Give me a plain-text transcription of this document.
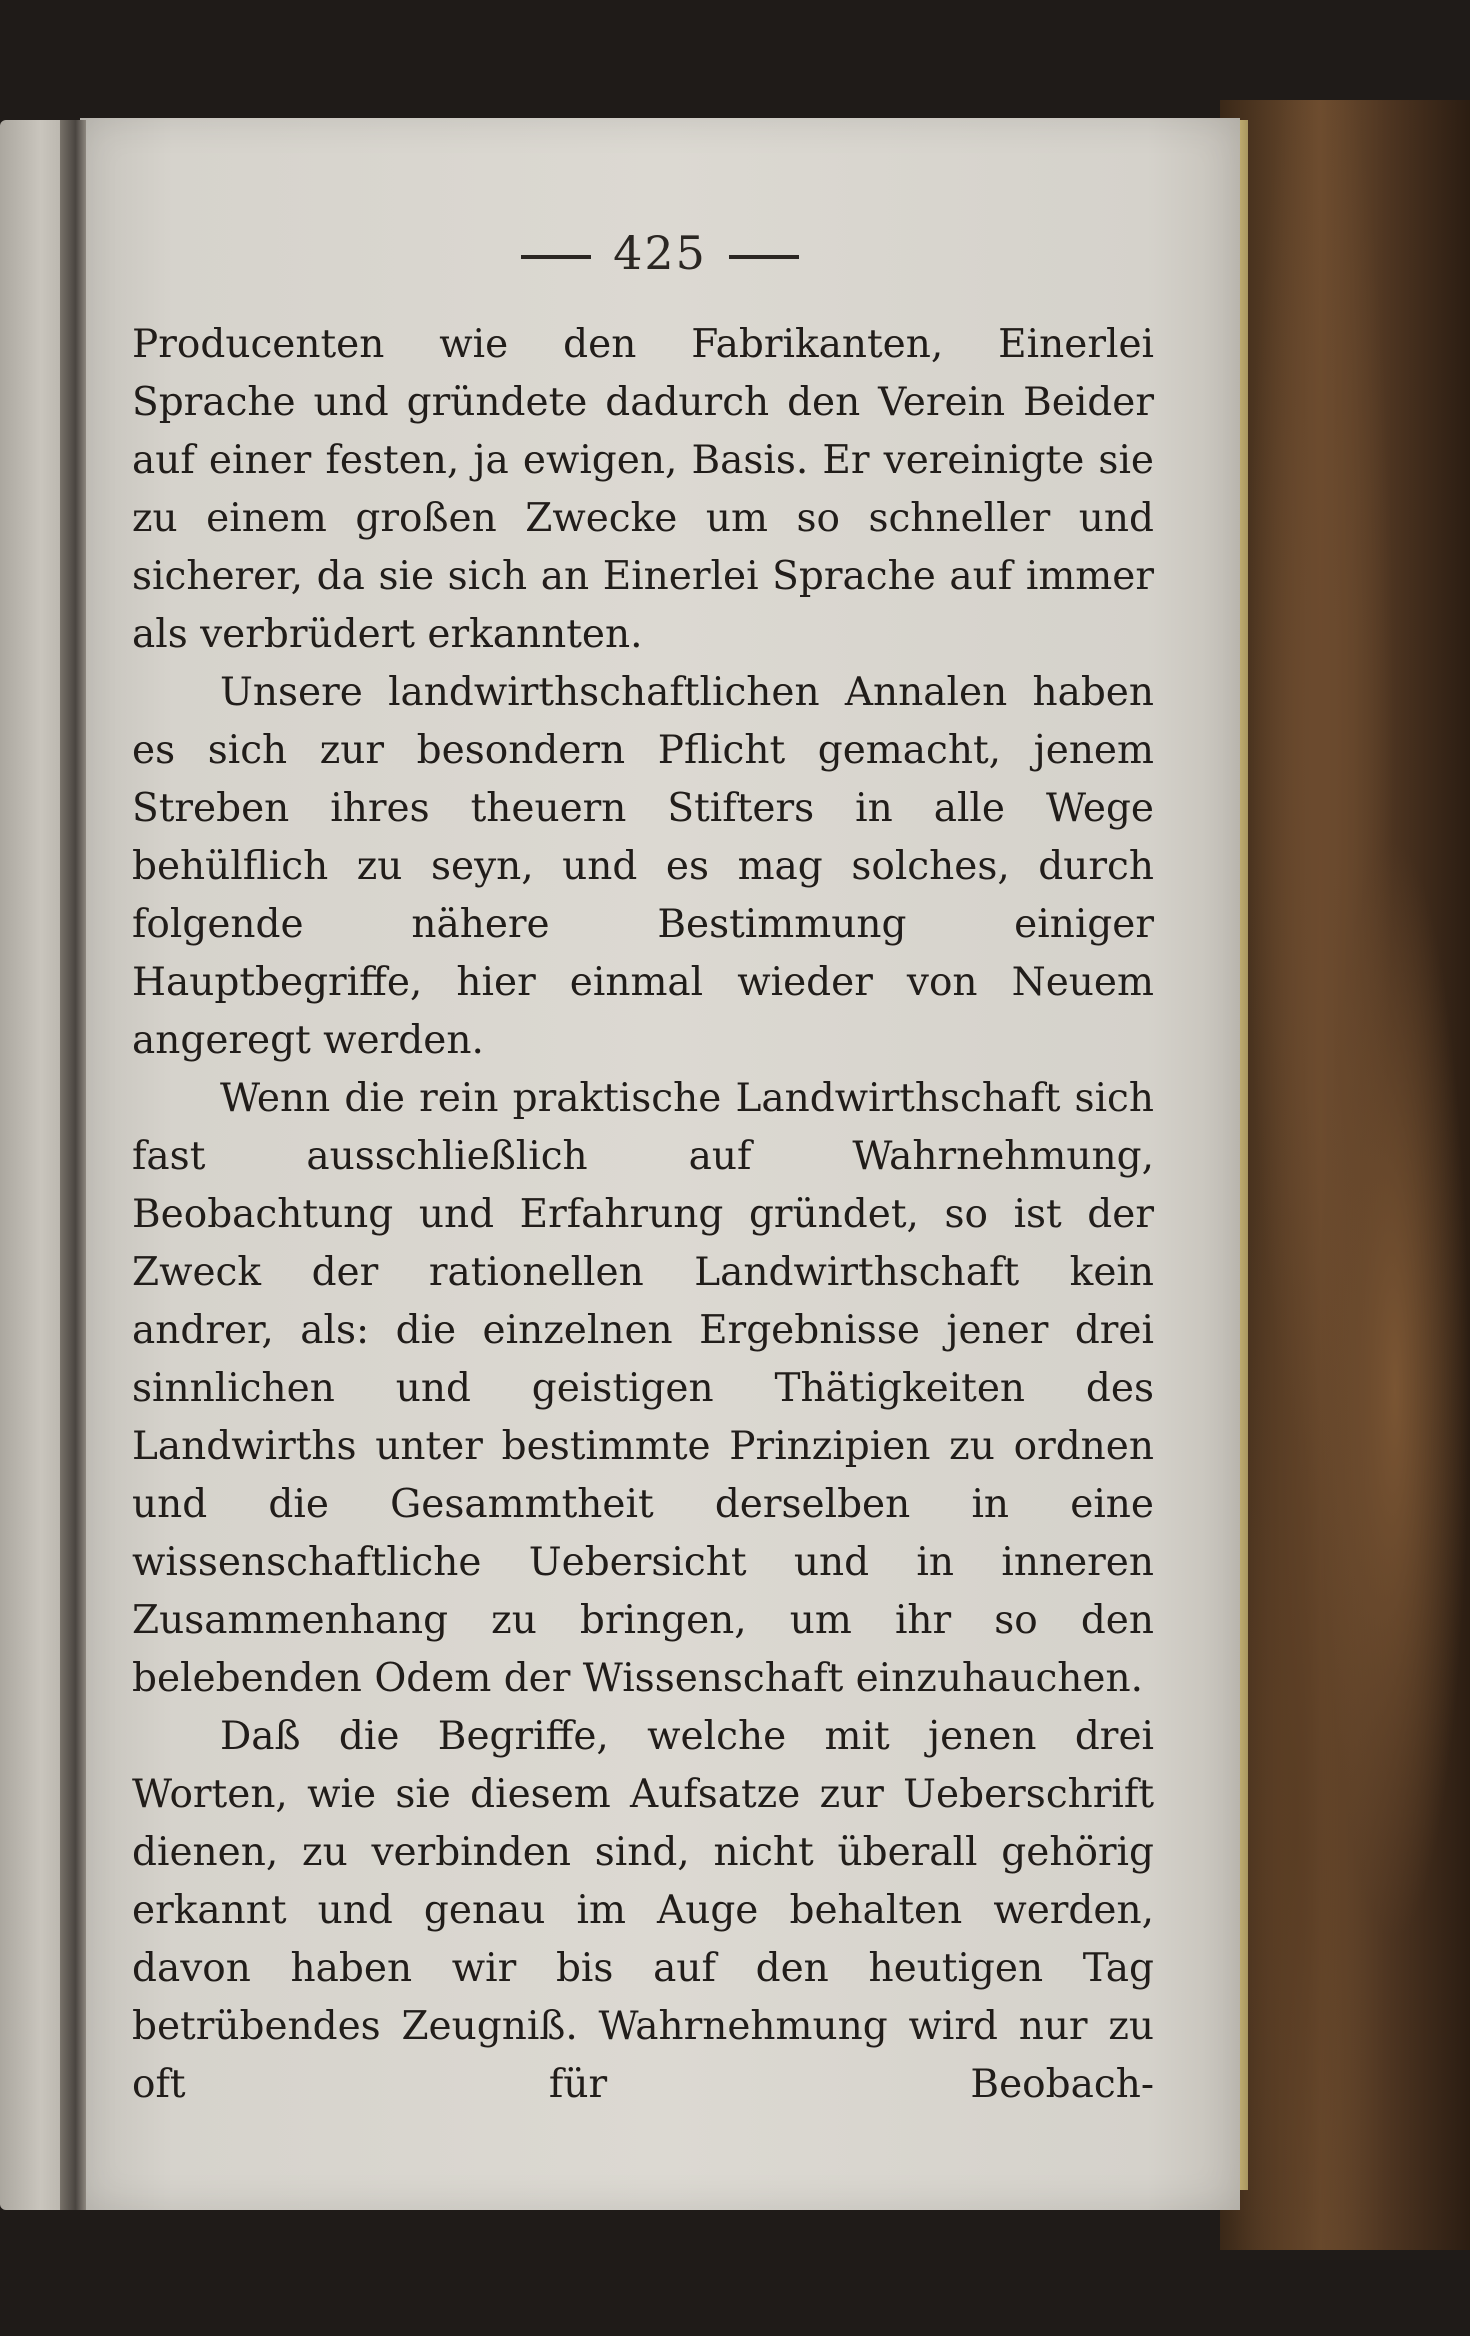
425

Producenten wie den Fabrikanten, Einerlei Sprache und gründete dadurch den Verein Beider auf einer festen, ja ewigen, Basis. Er vereinigte sie zu einem großen Zwecke um so schneller und sicherer, da sie sich an Einerlei Sprache auf immer als verbrüdert erkannten.

Unsere landwirthschaftlichen Annalen haben es sich zur besondern Pflicht gemacht, jenem Streben ihres theuern Stifters in alle Wege behülflich zu seyn, und es mag solches, durch folgende nähere Bestimmung einiger Hauptbegriffe, hier einmal wieder von Neuem angeregt werden.

Wenn die rein praktische Landwirthschaft sich fast ausschließlich auf Wahrnehmung, Beobachtung und Erfahrung gründet, so ist der Zweck der rationellen Landwirthschaft kein andrer, als: die einzelnen Ergebnisse jener drei sinnlichen und geistigen Thätigkeiten des Landwirths unter bestimmte Prinzipien zu ordnen und die Gesammtheit derselben in eine wissenschaftliche Uebersicht und in inneren Zusammenhang zu bringen, um ihr so den belebenden Odem der Wissenschaft einzuhauchen.

Daß die Begriffe, welche mit jenen drei Worten, wie sie diesem Aufsatze zur Ueberschrift dienen, zu verbinden sind, nicht überall gehörig erkannt und genau im Auge behalten werden, davon haben wir bis auf den heutigen Tag betrübendes Zeugniß. Wahrnehmung wird nur zu oft für Beobach-
